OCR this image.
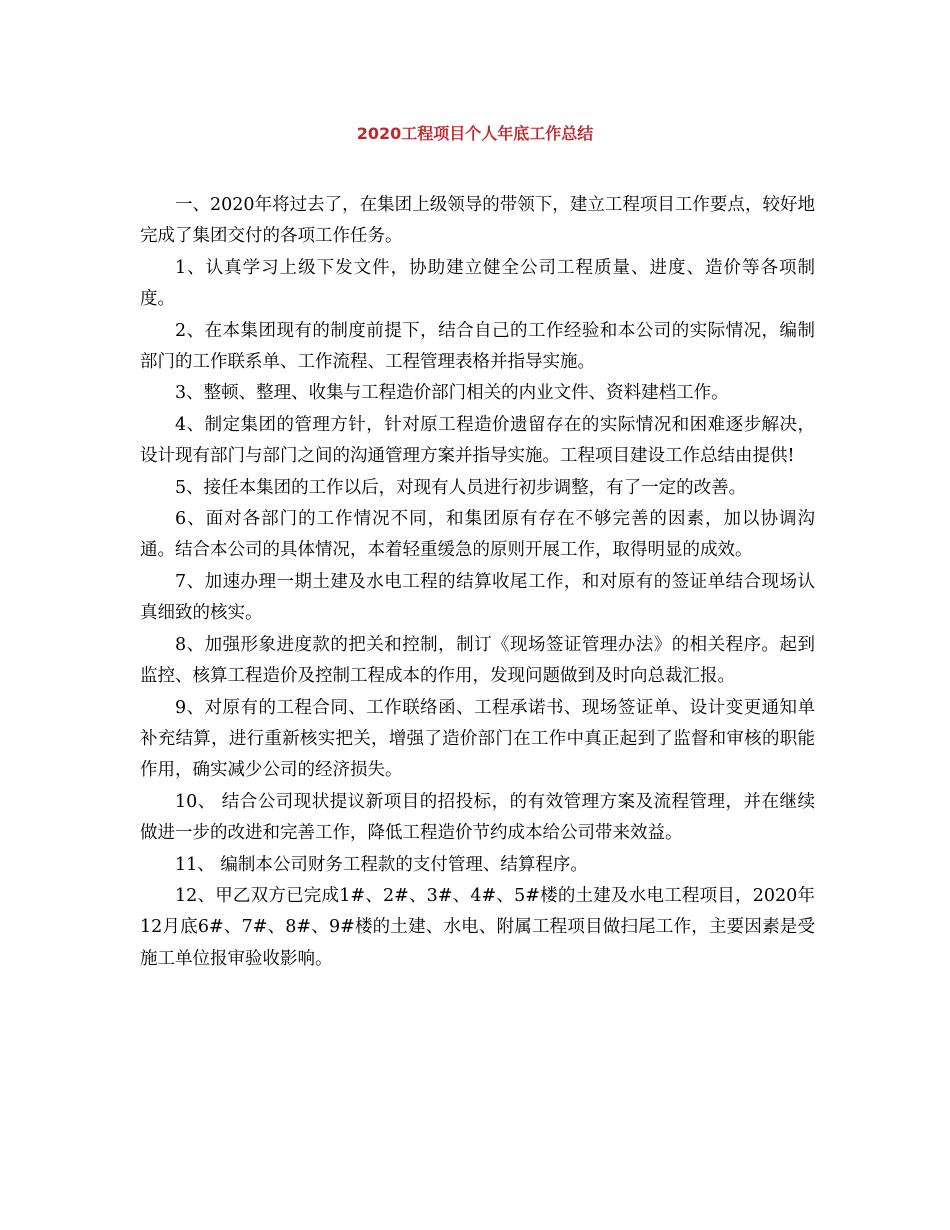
2020工程项目个人年底工作总结

一、2020年将过去了，在集团上级领导的带领下，建立工程项目工作要点，较好地完成了集团交付的各项工作任务。

1、认真学习上级下发文件，协助建立健全公司工程质量、进度、造价等各项制度。

2、在本集团现有的制度前提下，结合自己的工作经验和本公司的实际情况，编制部门的工作联系单、工作流程、工程管理表格并指导实施。

3、整顿、整理、收集与工程造价部门相关的内业文件、资料建档工作。

4、制定集团的管理方针，针对原工程造价遗留存在的实际情况和困难逐步解决，设计现有部门与部门之间的沟通管理方案并指导实施。工程项目建设工作总结由提供!

5、接任本集团的工作以后，对现有人员进行初步调整，有了一定的改善。

6、面对各部门的工作情况不同，和集团原有存在不够完善的因素，加以协调沟通。结合本公司的具体情况，本着轻重缓急的原则开展工作，取得明显的成效。

7、加速办理一期土建及水电工程的结算收尾工作，和对原有的签证单结合现场认真细致的核实。

8、加强形象进度款的把关和控制，制订《现场签证管理办法》的相关程序。起到监控、核算工程造价及控制工程成本的作用，发现问题做到及时向总裁汇报。

9、对原有的工程合同、工作联络函、工程承诺书、现场签证单、设计变更通知单补充结算，进行重新核实把关，增强了造价部门在工作中真正起到了监督和审核的职能作用，确实减少公司的经济损失。

10、 结合公司现状提议新项目的招投标，的有效管理方案及流程管理，并在继续做进一步的改进和完善工作，降低工程造价节约成本给公司带来效益。

11、 编制本公司财务工程款的支付管理、结算程序。

12、甲乙双方已完成1#、2#、3#、4#、5#楼的土建及水电工程项目，2020年12月底6#、7#、8#、9#楼的土建、水电、附属工程项目做扫尾工作，主要因素是受施工单位报审验收影响。
